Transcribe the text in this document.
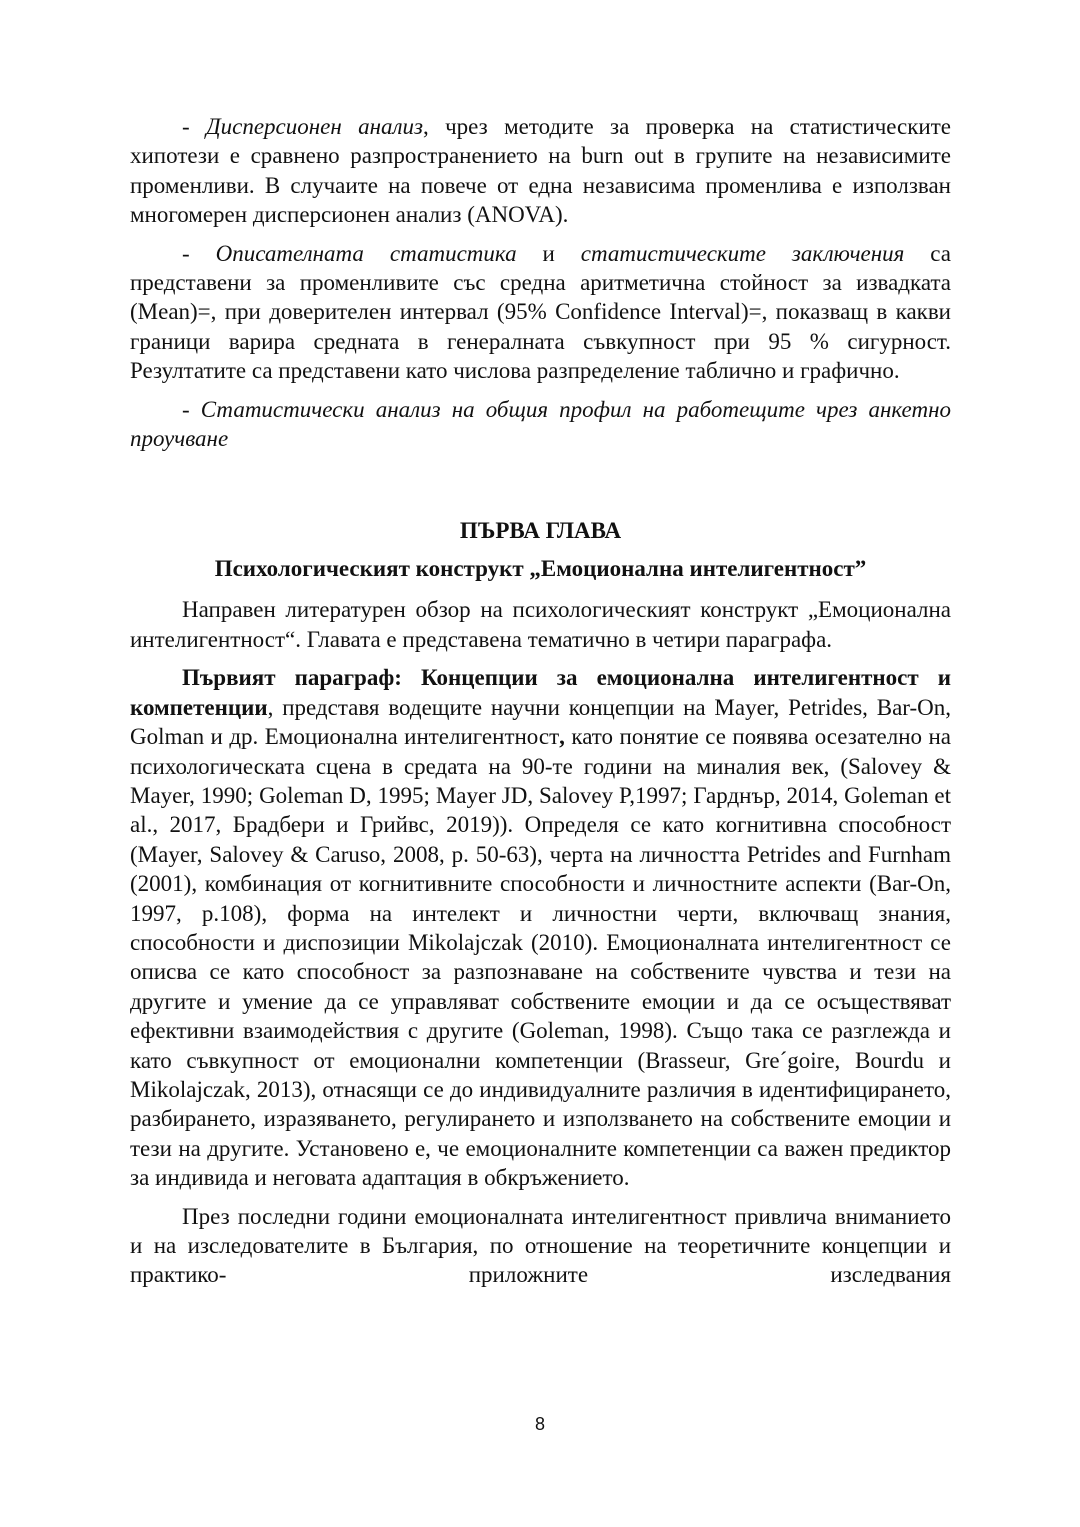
- Дисперсионен анализ, чрез методите за проверка на статистическите хипотези е сравнено разпространението на burn out в групите на независимите променливи. В случаите на повече от една независима променлива е използван многомерен дисперсионен анализ (ANOVA).

- Описателната статистика и статистическите заключения са представени за променливите със средна аритметична стойност за извадката (Mean)=, при доверителен интервал (95% Confidence Interval)=, показващ в какви граници варира средната в генералната съвкупност при 95 % сигурност. Резултатите са представени като числова разпределение таблично и графично.

- Статистически анализ на общия профил на работещите чрез анкетно проучване

ПЪРВА ГЛАВА
Психологическият конструкт „Емоционална интелигентност”

Направен литературен обзор на психологическият конструкт „Емоционална интелигентност“. Главата е представена тематично в четири параграфа.

Първият параграф: Концепции за емоционална интелигентност и компетенции, представя водещите научни концепции на Mayer, Petrides, Bar-On, Golman и др. Емоционална интелигентност, като понятие се появява осезателно на психологическата сцена в средата на 90-те години на миналия век, (Salovey & Mayer, 1990; Goleman D, 1995; Mayer JD, Salovey P,1997; Гарднър, 2014, Goleman et al., 2017, Брадбери и Грийвс, 2019)). Определя се като когнитивна способност (Mayer, Salovey & Caruso, 2008, p. 50-63), черта на личността Petrides and Furnham (2001), комбинация от когнитивните способности и личностните аспекти (Bar-On, 1997, p.108), форма на интелект и личностни черти, включващ знания, способности и диспозиции Mikolajczak (2010). Емоционалната интелигентност се описва се като способност за разпознаване на собствените чувства и тези на другите и умение да се управляват собствените емоции и да се осъществяват ефективни взаимодействия с другите (Goleman, 1998). Също така се разглежда и като съвкупност от емоционални компетенции (Brasseur, Gre´goire, Bourdu и Mikolajczak, 2013), отнасящи се до индивидуалните различия в идентифицирането, разбирането, изразяването, регулирането и използването на собствените емоции и тези на другите. Установено е, че емоционалните компетенции са важен предиктор за индивида и неговата адаптация в обкръжението.

През последни години емоционалната интелигентност привлича вниманието и на изследователите в България, по отношение на теоретичните концепции и практико- приложните изследвания

8
